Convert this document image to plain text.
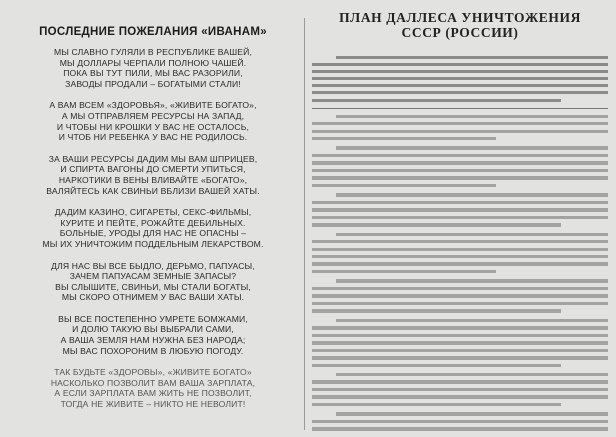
ПОСЛЕДНИЕ ПОЖЕЛАНИЯ «ИВАНАМ»
МЫ СЛАВНО ГУЛЯЛИ В РЕСПУБЛИКЕ ВАШЕЙ,
МЫ ДОЛЛАРЫ ЧЕРПАЛИ ПОЛНОЮ ЧАШЕЙ.
ПОКА ВЫ ТУТ ПИЛИ, МЫ ВАС РАЗОРИЛИ,
ЗАВОДЫ ПРОДАЛИ – БОГАТЫМИ СТАЛИ!
А ВАМ ВСЕМ «ЗДОРОВЬЯ», «ЖИВИТЕ БОГАТО»,
А МЫ ОТПРАВЛЯЕМ РЕСУРСЫ НА ЗАПАД,
И ЧТОБЫ НИ КРОШКИ У ВАС НЕ ОСТАЛОСЬ,
И ЧТОБ НИ РЕБЕНКА У ВАС НЕ РОДИЛОСЬ.
ЗА ВАШИ РЕСУРСЫ ДАДИМ МЫ ВАМ ШПРИЦЕВ,
И СПИРТА ВАГОНЫ ДО СМЕРТИ УПИТЬСЯ,
НАРКОТИКИ В ВЕНЫ ВЛИВАЙТЕ «БОГАТО»,
ВАЛЯЙТЕСЬ КАК СВИНЬИ ВБЛИЗИ ВАШЕЙ ХАТЫ.
ДАДИМ КАЗИНО, СИГАРЕТЫ, СЕКС-ФИЛЬМЫ,
КУРИТЕ И ПЕЙТЕ, РОЖАЙТЕ ДЕБИЛЬНЫХ.
БОЛЬНЫЕ, УРОДЫ ДЛЯ НАС НЕ ОПАСНЫ –
МЫ ИХ УНИЧТОЖИМ ПОДДЕЛЬНЫМ ЛЕКАРСТВОМ.
ДЛЯ НАС ВЫ ВСЕ БЫДЛО, ДЕРЬМО, ПАПУАСЫ,
ЗАЧЕМ ПАПУАСАМ ЗЕМНЫЕ ЗАПАСЫ?
ВЫ СЛЫШИТЕ, СВИНЬИ, МЫ СТАЛИ БОГАТЫ,
МЫ СКОРО ОТНИМЕМ У ВАС ВАШИ ХАТЫ.
ВЫ ВСЕ ПОСТЕПЕННО УМРЕТЕ БОМЖАМИ,
И ДОЛЮ ТАКУЮ ВЫ ВЫБРАЛИ САМИ,
А ВАША ЗЕМЛЯ НАМ НУЖНА БЕЗ НАРОДА;
МЫ ВАС ПОХОРОНИМ В ЛЮБУЮ ПОГОДУ.
ТАК БУДЬТЕ «ЗДОРОВЫ», «ЖИВИТЕ БОГАТО»
НАСКОЛЬКО ПОЗВОЛИТ ВАМ ВАША ЗАРПЛАТА,
А ЕСЛИ ЗАРПЛАТА ВАМ ЖИТЬ НЕ ПОЗВОЛИТ,
ТОГДА НЕ ЖИВИТЕ – НИКТО НЕ НЕВОЛИТ!
ПЛАН ДАЛЛЕСА УНИЧТОЖЕНИЯ
СССР (РОССИИ)
